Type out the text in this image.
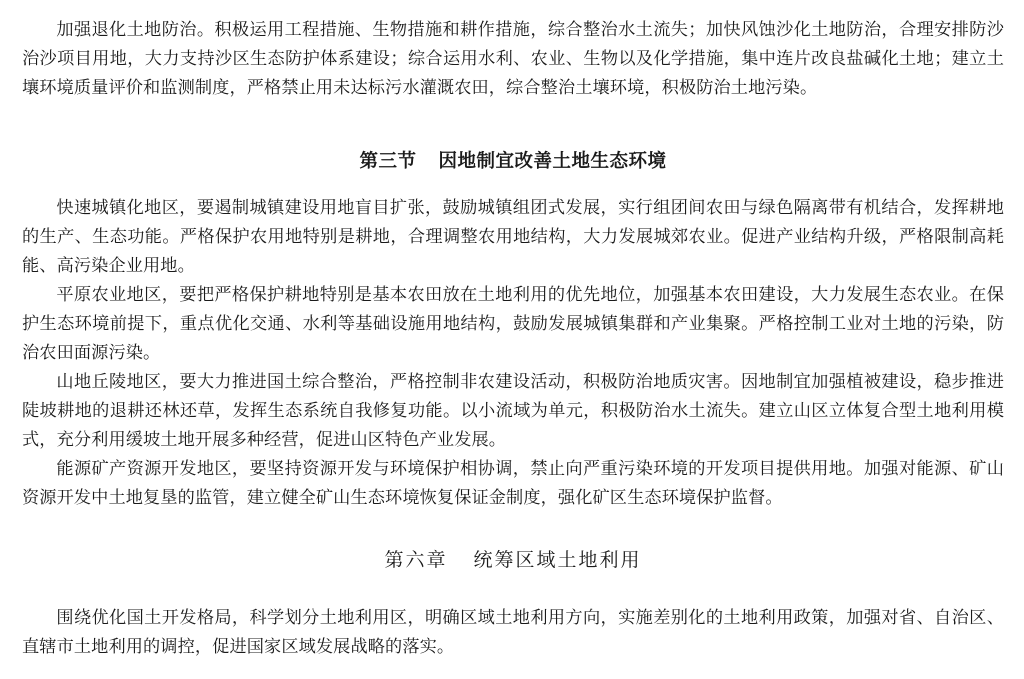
加强退化土地防治。积极运用工程措施、生物措施和耕作措施，综合整治水土流失；加快风蚀沙化土地防治，合理安排防沙治沙项目用地，大力支持沙区生态防护体系建设；综合运用水利、农业、生物以及化学措施，集中连片改良盐碱化土地；建立土壤环境质量评价和监测制度，严格禁止用未达标污水灌溉农田，综合整治土壤环境，积极防治土地污染。

第三节 因地制宜改善土地生态环境

快速城镇化地区，要遏制城镇建设用地盲目扩张，鼓励城镇组团式发展，实行组团间农田与绿色隔离带有机结合，发挥耕地的生产、生态功能。严格保护农用地特别是耕地，合理调整农用地结构，大力发展城郊农业。促进产业结构升级，严格限制高耗能、高污染企业用地。

平原农业地区，要把严格保护耕地特别是基本农田放在土地利用的优先地位，加强基本农田建设，大力发展生态农业。在保护生态环境前提下，重点优化交通、水利等基础设施用地结构，鼓励发展城镇集群和产业集聚。严格控制工业对土地的污染，防治农田面源污染。

山地丘陵地区，要大力推进国土综合整治，严格控制非农建设活动，积极防治地质灾害。因地制宜加强植被建设，稳步推进陡坡耕地的退耕还林还草，发挥生态系统自我修复功能。以小流域为单元，积极防治水土流失。建立山区立体复合型土地利用模式，充分利用缓坡土地开展多种经营，促进山区特色产业发展。

能源矿产资源开发地区，要坚持资源开发与环境保护相协调，禁止向严重污染环境的开发项目提供用地。加强对能源、矿山资源开发中土地复垦的监管，建立健全矿山生态环境恢复保证金制度，强化矿区生态环境保护监督。

第六章 统筹区域土地利用

围绕优化国土开发格局，科学划分土地利用区，明确区域土地利用方向，实施差别化的土地利用政策，加强对省、自治区、直辖市土地利用的调控，促进国家区域发展战略的落实。
